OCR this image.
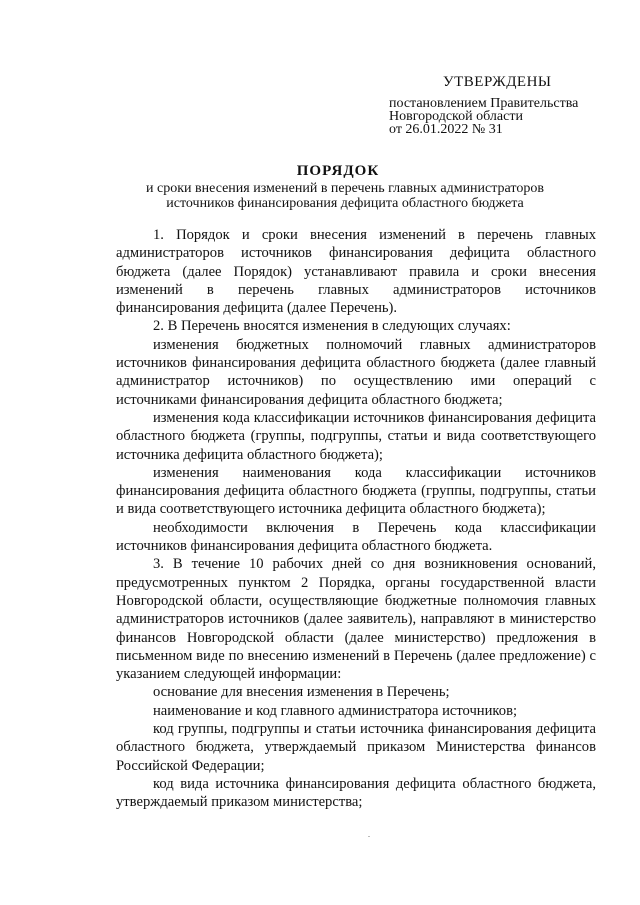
УТВЕРЖДЕНЫ
постановлением Правительства
Новгородской области
от 26.01.2022 № 31
ПОРЯДОК
и сроки внесения изменений в перечень главных администраторов источников финансирования дефицита областного бюджета

1. Порядок и сроки внесения изменений в перечень главных администраторов источников финансирования дефицита областного бюджета (далее Порядок) устанавливают правила и сроки внесения изменений в перечень главных администраторов источников финансирования дефицита (далее Перечень).

2. В Перечень вносятся изменения в следующих случаях:

изменения бюджетных полномочий главных администраторов источников финансирования дефицита областного бюджета (далее главный администратор источников) по осуществлению ими операций с источниками финансирования дефицита областного бюджета;

изменения кода классификации источников финансирования дефицита областного бюджета (группы, подгруппы, статьи и вида соответствующего источника дефицита областного бюджета);

изменения наименования кода классификации источников финансирования дефицита областного бюджета (группы, подгруппы, статьи и вида соответствующего источника дефицита областного бюджета);

необходимости включения в Перечень кода классификации источников финансирования дефицита областного бюджета.

3. В течение 10 рабочих дней со дня возникновения оснований, предусмотренных пунктом 2 Порядка, органы государственной власти Новгородской области, осуществляющие бюджетные полномочия главных администраторов источников (далее заявитель), направляют в министерство финансов Новгородской области (далее министерство) предложения в письменном виде по внесению изменений в Перечень (далее предложение) с указанием следующей информации:

основание для внесения изменения в Перечень;

наименование и код главного администратора источников;

код группы, подгруппы и статьи источника финансирования дефицита областного бюджета, утверждаемый приказом Министерства финансов Российской Федерации;

код вида источника финансирования дефицита областного бюджета, утверждаемый приказом министерства;
